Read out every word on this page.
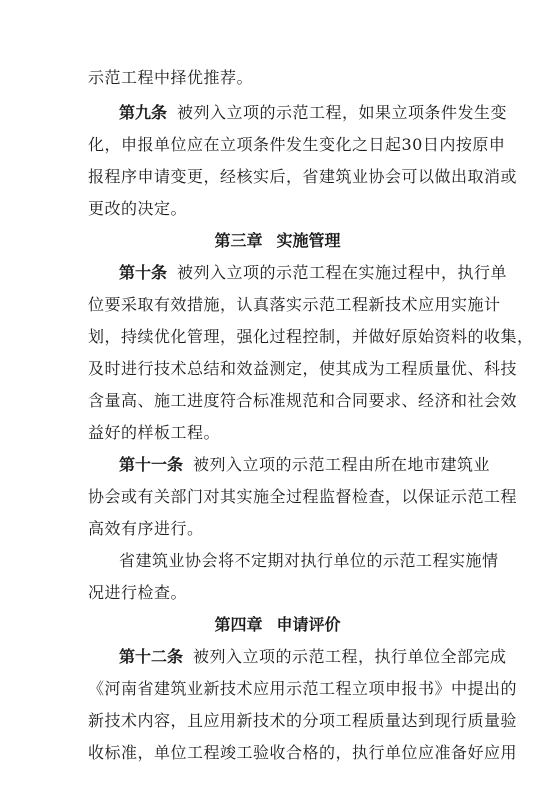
示范工程中择优推荐。
第九条 被列入立项的示范工程，如果立项条件发生变
化，申报单位应在立项条件发生变化之日起30日内按原申
报程序申请变更，经核实后，省建筑业协会可以做出取消或
更改的决定。
第三章 实施管理
第十条 被列入立项的示范工程在实施过程中，执行单
位要采取有效措施，认真落实示范工程新技术应用实施计
划，持续优化管理，强化过程控制，并做好原始资料的收集，
及时进行技术总结和效益测定，使其成为工程质量优、科技
含量高、施工进度符合标准规范和合同要求、经济和社会效
益好的样板工程。
第十一条 被列入立项的示范工程由所在地市建筑业
协会或有关部门对其实施全过程监督检查，以保证示范工程
高效有序进行。
省建筑业协会将不定期对执行单位的示范工程实施情
况进行检查。
第四章 申请评价
第十二条 被列入立项的示范工程，执行单位全部完成
《河南省建筑业新技术应用示范工程立项申报书》中提出的
新技术内容，且应用新技术的分项工程质量达到现行质量验
收标准，单位工程竣工验收合格的，执行单位应准备好应用
